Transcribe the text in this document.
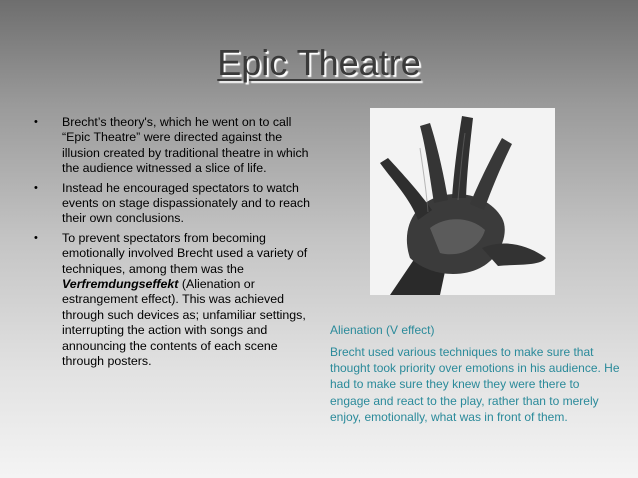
Epic Theatre
• Brecht’s theory's, which he went on to call “Epic Theatre” were directed against the illusion created by traditional theatre in which the audience witnessed a slice of life.
• Instead he encouraged spectators to watch events on stage dispassionately and to reach their own conclusions.
• To prevent spectators from becoming emotionally involved Brecht used a variety of techniques, among them was the Verfremdungseffekt (Alienation or estrangement effect). This was achieved through such devices as; unfamiliar settings, interrupting the action with songs and announcing the contents of each scene through posters.

Alienation (V effect)

Brecht used various techniques to make sure that thought took priority over emotions in his audience. He had to make sure they knew they were there to engage and react to the play, rather than to merely enjoy, emotionally, what was in front of them.
